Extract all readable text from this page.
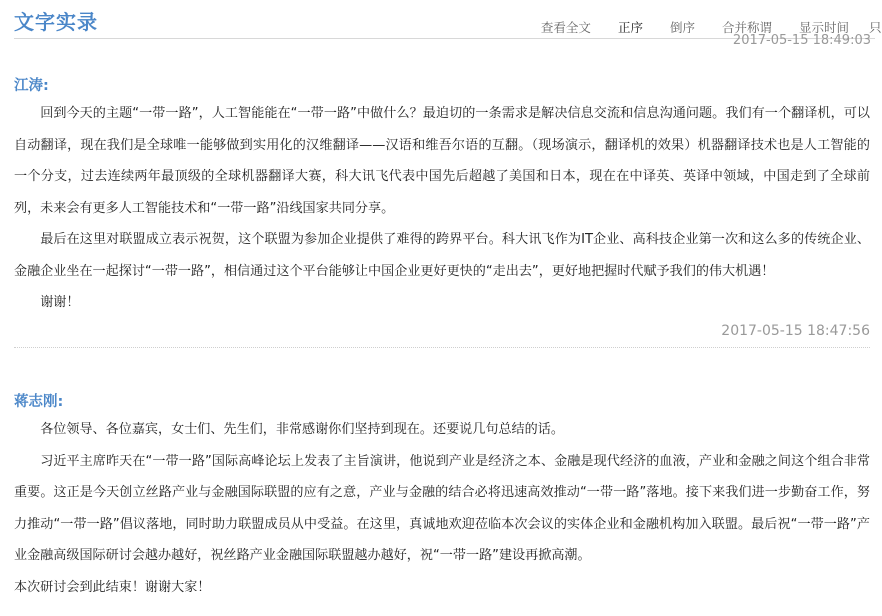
文字实录	查看全文 正序 倒序 合并称谓 显示时间 只
2017-05-15 18:49:03
江涛:

回到今天的主题“一带一路”，人工智能能在“一带一路”中做什么？最迫切的一条需求是解决信息交流和信息沟通问题。我们有一个翻译机，可以自动翻译，现在我们是全球唯一能够做到实用化的汉维翻译——汉语和维吾尔语的互翻。（现场演示，翻译机的效果）机器翻译技术也是人工智能的一个分支，过去连续两年最顶级的全球机器翻译大赛，科大讯飞代表中国先后超越了美国和日本，现在在中译英、英译中领域，中国走到了全球前列，未来会有更多人工智能技术和“一带一路”沿线国家共同分享。

最后在这里对联盟成立表示祝贺，这个联盟为参加企业提供了难得的跨界平台。科大讯飞作为IT企业、高科技企业第一次和这么多的传统企业、金融企业坐在一起探讨“一带一路”，相信通过这个平台能够让中国企业更好更快的“走出去”，更好地把握时代赋予我们的伟大机遇！

谢谢！

2017-05-15 18:47:56
蒋志刚:

各位领导、各位嘉宾，女士们、先生们，非常感谢你们坚持到现在。还要说几句总结的话。

习近平主席昨天在“一带一路”国际高峰论坛上发表了主旨演讲，他说到产业是经济之本、金融是现代经济的血液，产业和金融之间这个组合非常重要。这正是今天创立丝路产业与金融国际联盟的应有之意，产业与金融的结合必将迅速高效推动“一带一路”落地。接下来我们进一步勤奋工作，努力推动“一带一路”倡议落地，同时助力联盟成员从中受益。在这里，真诚地欢迎莅临本次会议的实体企业和金融机构加入联盟。最后祝“一带一路”产业金融高级国际研讨会越办越好，祝丝路产业金融国际联盟越办越好，祝“一带一路”建设再掀高潮。

本次研讨会到此结束！谢谢大家！
